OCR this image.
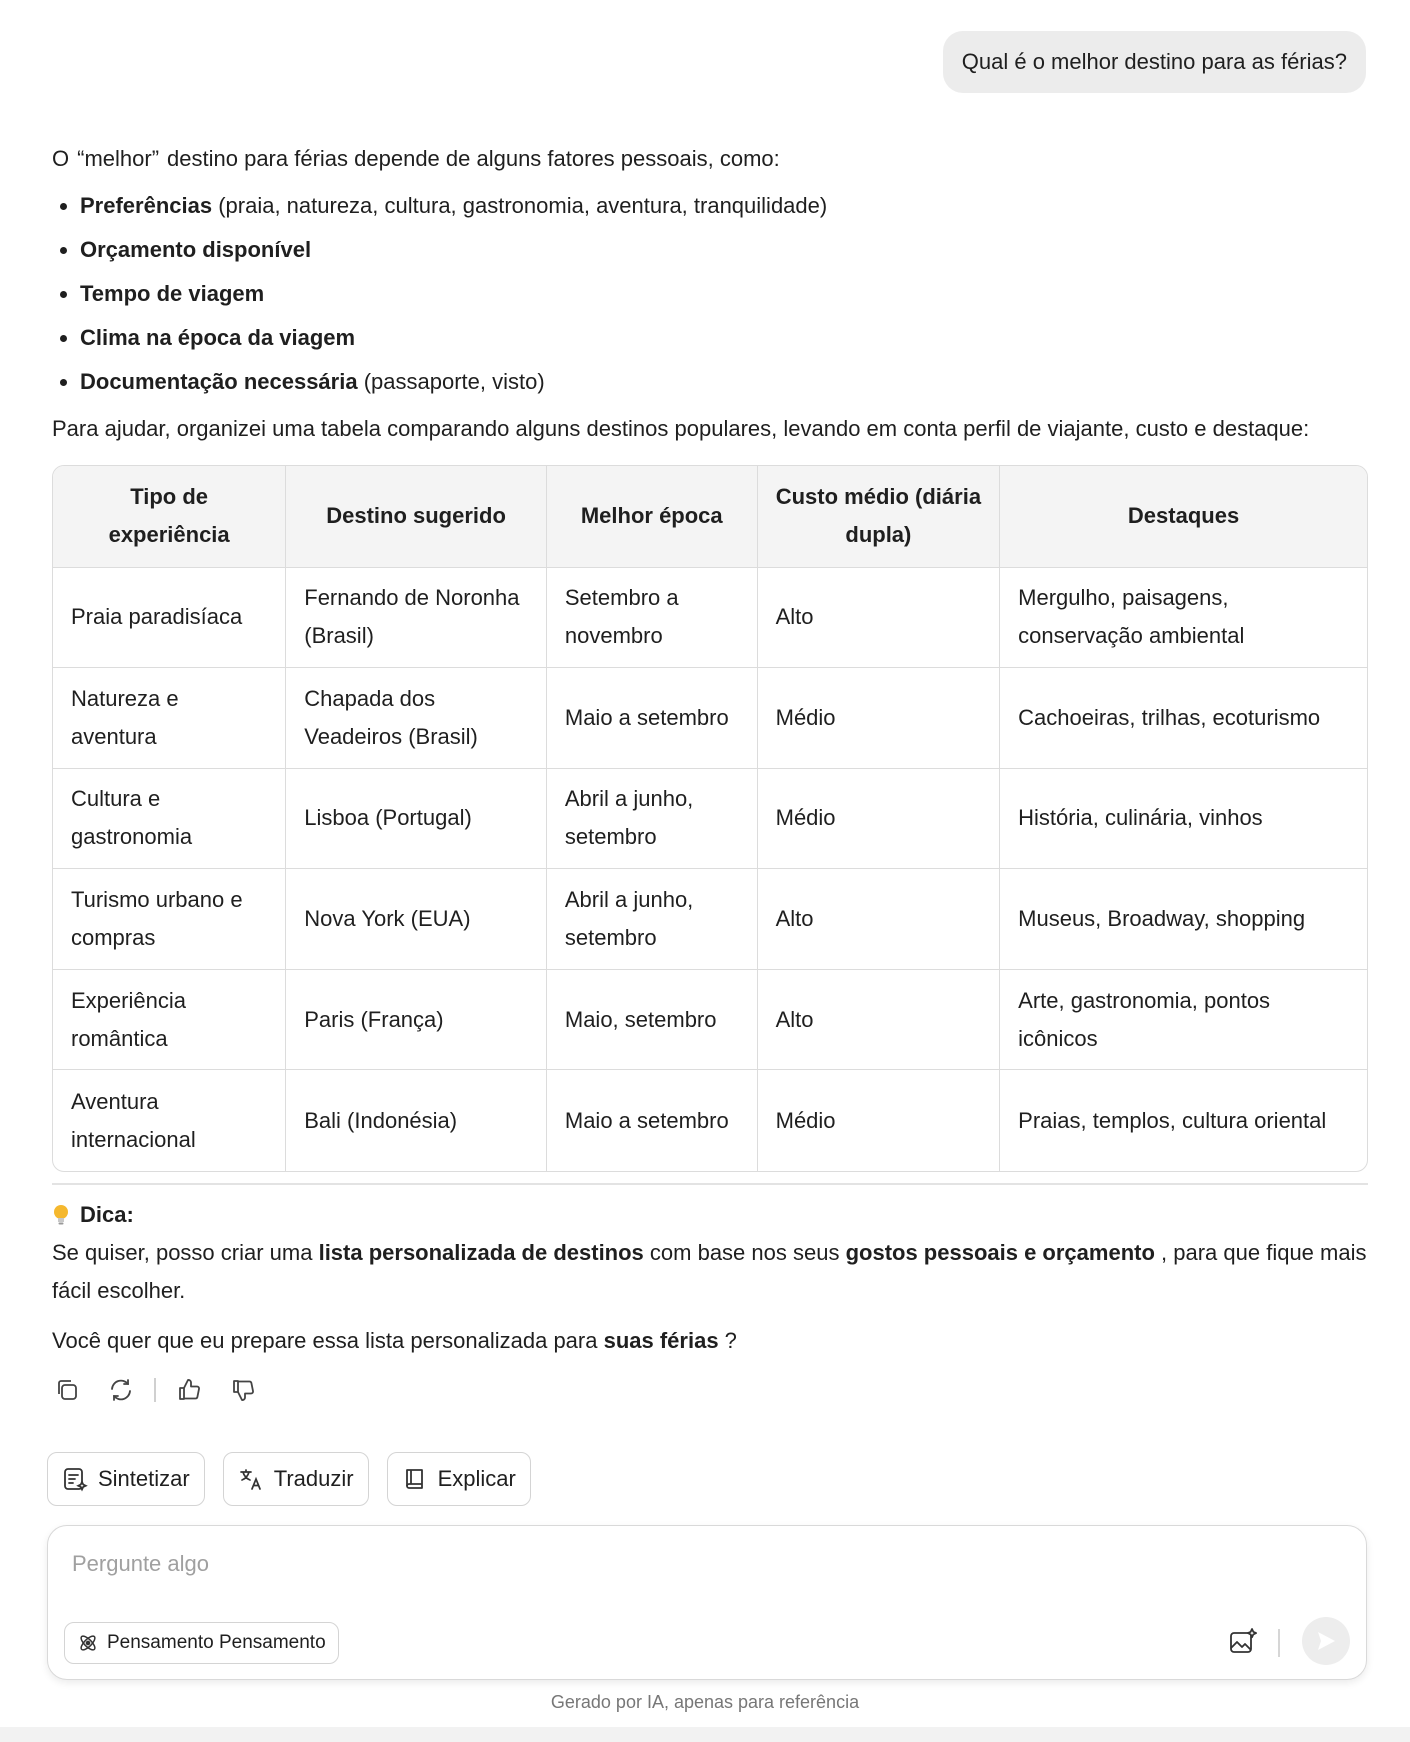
Qual é o melhor destino para as férias?

O “melhor” destino para férias depende de alguns fatores pessoais, como:

Preferências (praia, natureza, cultura, gastronomia, aventura, tranquilidade)
Orçamento disponível
Tempo de viagem
Clima na época da viagem
Documentação necessária (passaporte, visto)

Para ajudar, organizei uma tabela comparando alguns destinos populares, levando em conta perfil de viajante, custo e destaque:

Tipo de experiência	Destino sugerido	Melhor época	Custo médio (diária dupla)	Destaques
Praia paradisíaca	Fernando de Noronha (Brasil)	Setembro a novembro	Alto	Mergulho, paisagens, conservação ambiental
Natureza e aventura	Chapada dos Veadeiros (Brasil)	Maio a setembro	Médio	Cachoeiras, trilhas, ecoturismo
Cultura e gastronomia	Lisboa (Portugal)	Abril a junho, setembro	Médio	História, culinária, vinhos
Turismo urbano e compras	Nova York (EUA)	Abril a junho, setembro	Alto	Museus, Broadway, shopping
Experiência romântica	Paris (França)	Maio, setembro	Alto	Arte, gastronomia, pontos icônicos
Aventura internacional	Bali (Indonésia)	Maio a setembro	Médio	Praias, templos, cultura oriental
Dica:

Se quiser, posso criar uma lista personalizada de destinos com base nos seus gostos pessoais e orçamento , para que fique mais fácil escolher.

Você quer que eu prepare essa lista personalizada para suas férias ?

Sintetizar	Traduzir	Explicar
Pergunte algo
Pensamento Pensamento
Gerado por IA, apenas para referência
